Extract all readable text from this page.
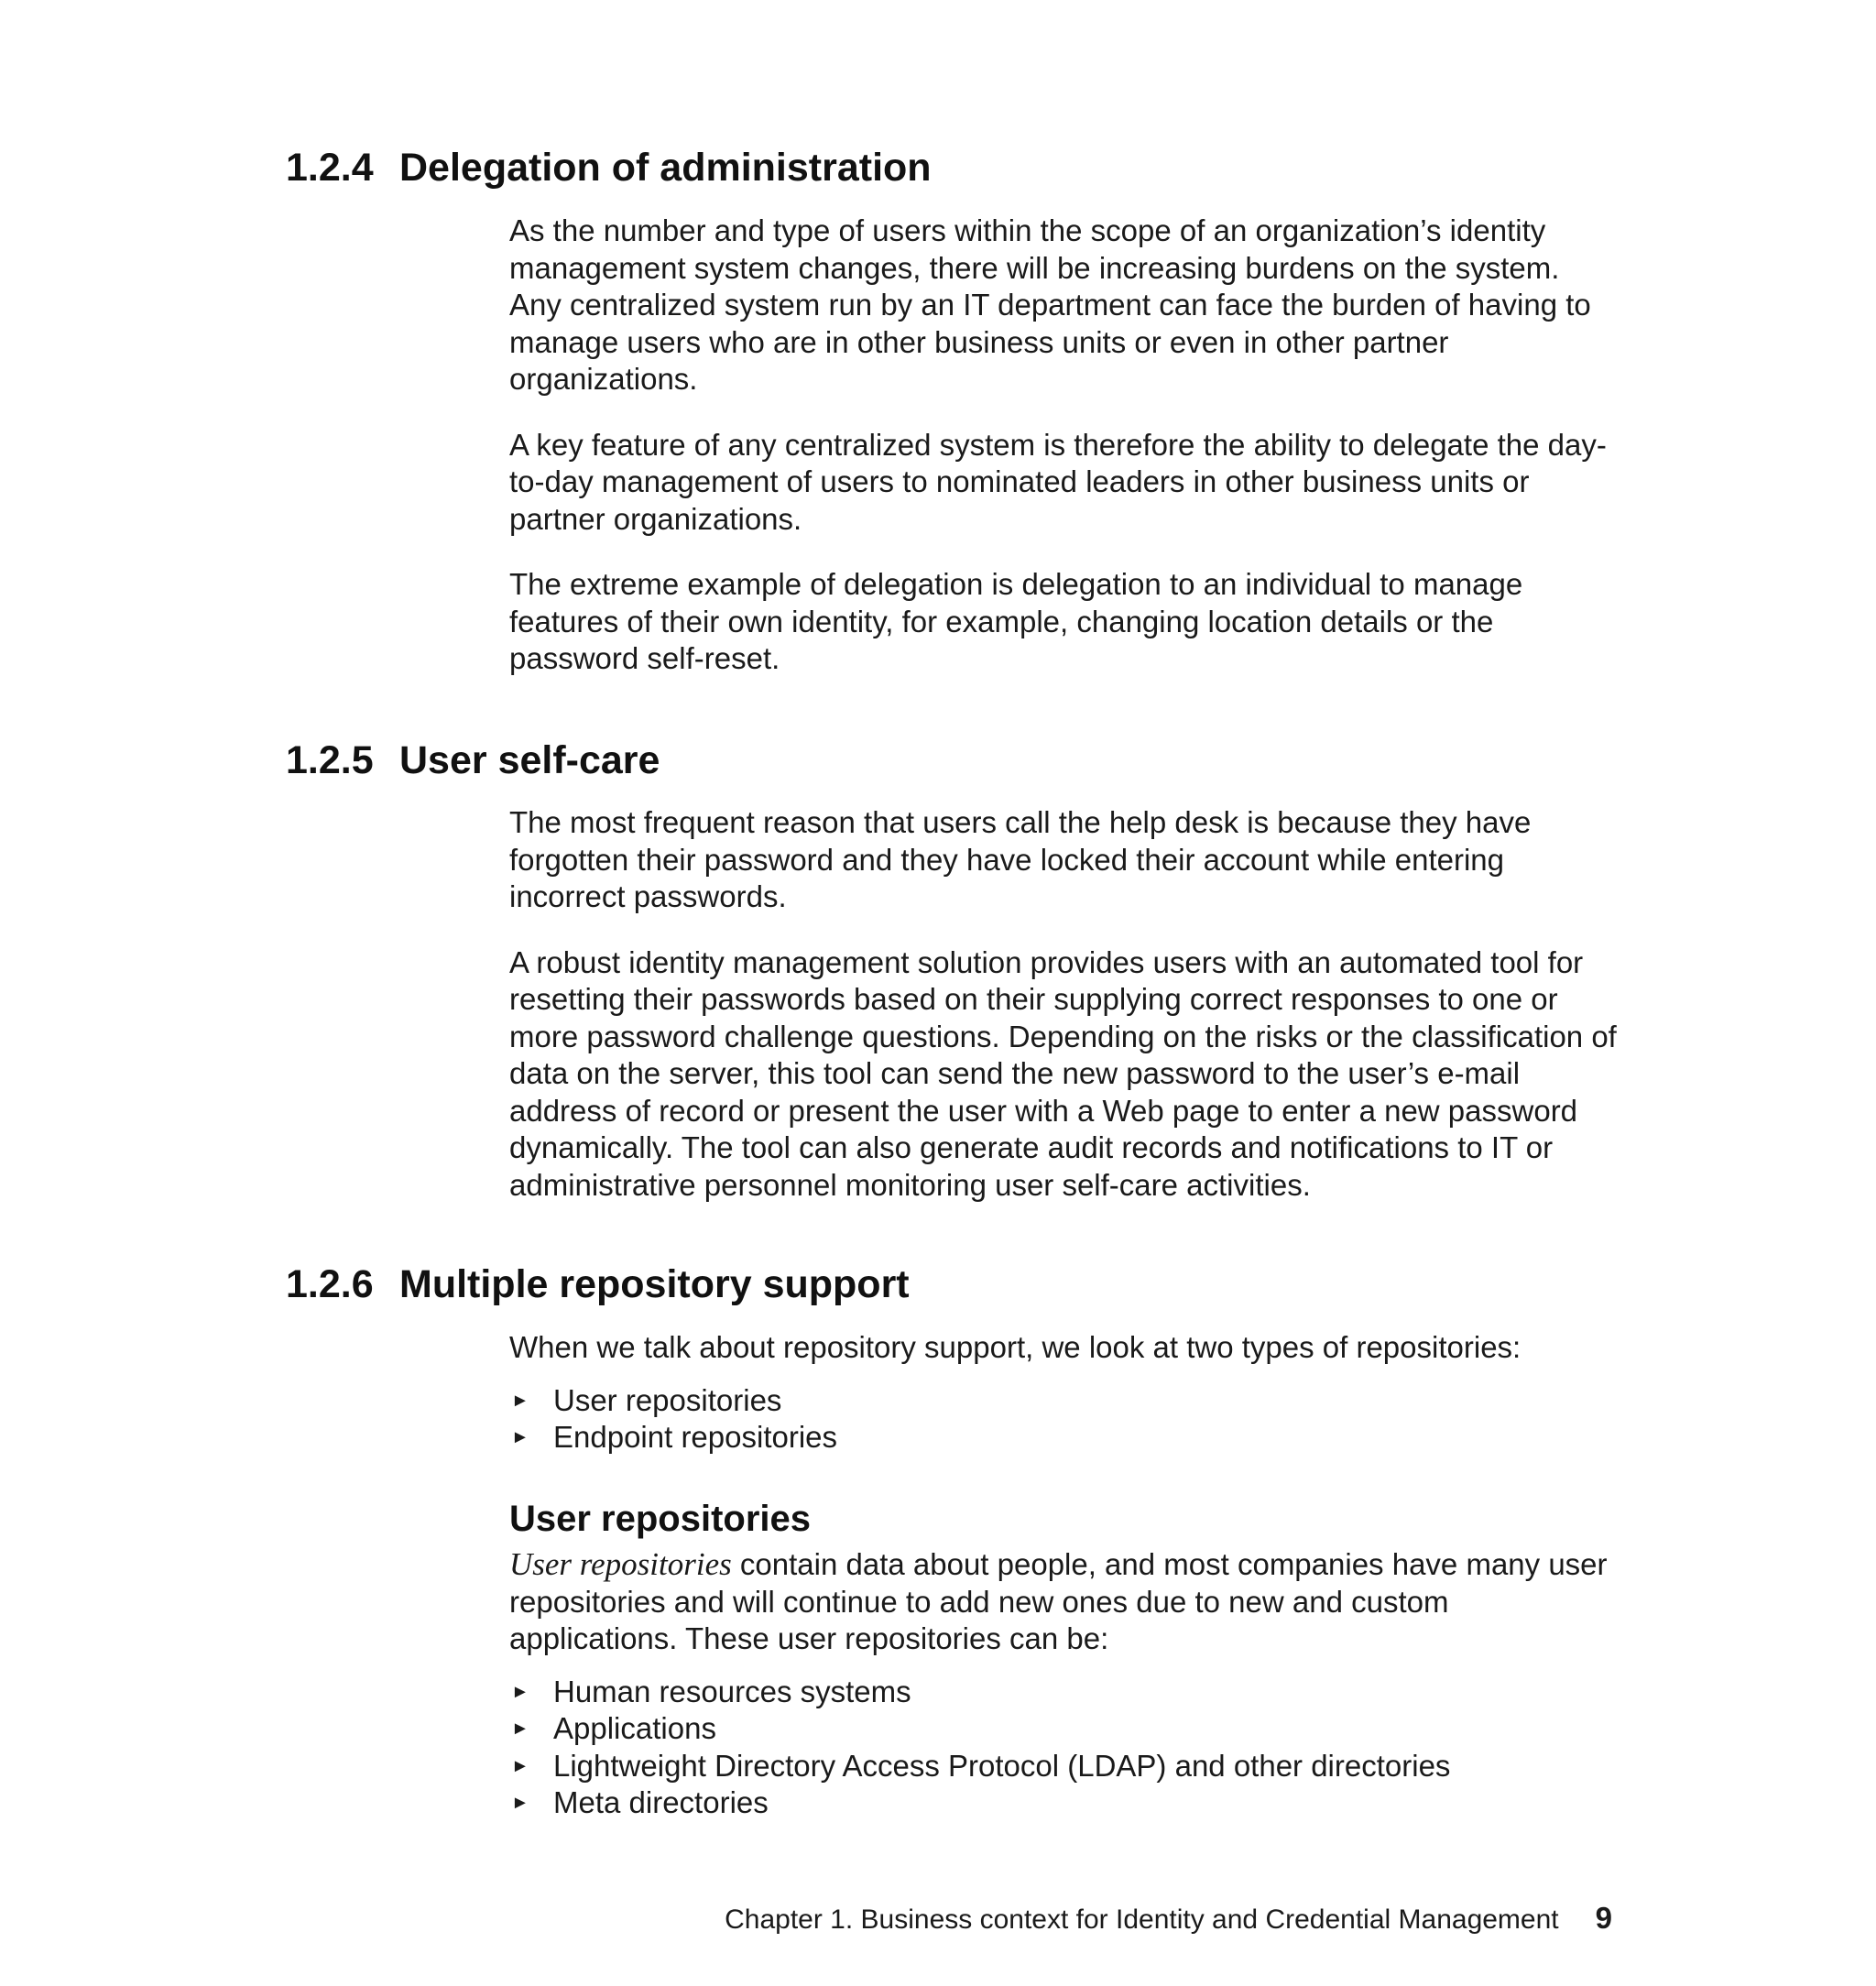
1.2.4 Delegation of administration

As the number and type of users within the scope of an organization’s identity management system changes, there will be increasing burdens on the system. Any centralized system run by an IT department can face the burden of having to manage users who are in other business units or even in other partner organizations.

A key feature of any centralized system is therefore the ability to delegate the day-to-day management of users to nominated leaders in other business units or partner organizations.

The extreme example of delegation is delegation to an individual to manage features of their own identity, for example, changing location details or the password self-reset.

1.2.5 User self-care

The most frequent reason that users call the help desk is because they have forgotten their password and they have locked their account while entering incorrect passwords.

A robust identity management solution provides users with an automated tool for resetting their passwords based on their supplying correct responses to one or more password challenge questions. Depending on the risks or the classification of data on the server, this tool can send the new password to the user’s e-mail address of record or present the user with a Web page to enter a new password dynamically. The tool can also generate audit records and notifications to IT or administrative personnel monitoring user self-care activities.

1.2.6 Multiple repository support

When we talk about repository support, we look at two types of repositories:

► User repositories
► Endpoint repositories
User repositories

User repositories contain data about people, and most companies have many user repositories and will continue to add new ones due to new and custom applications. These user repositories can be:

► Human resources systems
► Applications
► Lightweight Directory Access Protocol (LDAP) and other directories
► Meta directories
Chapter 1. Business context for Identity and Credential Management 9
